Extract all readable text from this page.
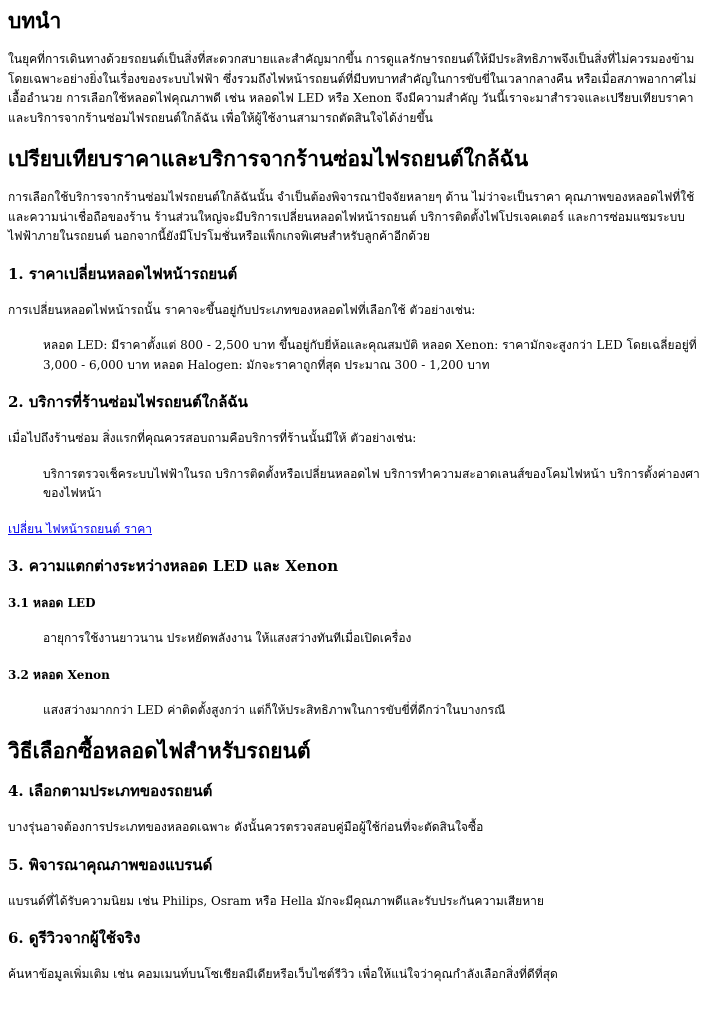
บทนำ

ในยุคที่การเดินทางด้วยรถยนต์เป็นสิ่งที่สะดวกสบายและสำคัญมากขึ้น การดูแลรักษารถยนต์ให้มีประสิทธิภาพจึงเป็นสิ่งที่ไม่ควรมองข้าม โดยเฉพาะอย่างยิ่งในเรื่องของระบบไฟฟ้า ซึ่งรวมถึงไฟหน้ารถยนต์ที่มีบทบาทสำคัญในการขับขี่ในเวลากลางคืน หรือเมื่อสภาพอากาศไม่เอื้ออำนวย การเลือกใช้หลอดไฟคุณภาพดี เช่น หลอดไฟ LED หรือ Xenon จึงมีความสำคัญ วันนี้เราจะมาสำรวจและเปรียบเทียบราคาและบริการจากร้านซ่อมไฟรถยนต์ใกล้ฉัน เพื่อให้ผู้ใช้งานสามารถตัดสินใจได้ง่ายขึ้น

เปรียบเทียบราคาและบริการจากร้านซ่อมไฟรถยนต์ใกล้ฉัน

การเลือกใช้บริการจากร้านซ่อมไฟรถยนต์ใกล้ฉันนั้น จำเป็นต้องพิจารณาปัจจัยหลายๆ ด้าน ไม่ว่าจะเป็นราคา คุณภาพของหลอดไฟที่ใช้ และความน่าเชื่อถือของร้าน ร้านส่วนใหญ่จะมีบริการเปลี่ยนหลอดไฟหน้ารถยนต์ บริการติดตั้งไฟโปรเจคเตอร์ และการซ่อมแซมระบบไฟฟ้าภายในรถยนต์ นอกจากนี้ยังมีโปรโมชั่นหรือแพ็กเกจพิเศษสำหรับลูกค้าอีกด้วย

1. ราคาเปลี่ยนหลอดไฟหน้ารถยนต์

การเปลี่ยนหลอดไฟหน้ารถนั้น ราคาจะขึ้นอยู่กับประเภทของหลอดไฟที่เลือกใช้ ตัวอย่างเช่น:

หลอด LED: มีราคาตั้งแต่ 800 - 2,500 บาท ขึ้นอยู่กับยี่ห้อและคุณสมบัติ หลอด Xenon: ราคามักจะสูงกว่า LED โดยเฉลี่ยอยู่ที่ 3,000 - 6,000 บาท หลอด Halogen: มักจะราคาถูกที่สุด ประมาณ 300 - 1,200 บาท

2. บริการที่ร้านซ่อมไฟรถยนต์ใกล้ฉัน

เมื่อไปถึงร้านซ่อม สิ่งแรกที่คุณควรสอบถามคือบริการที่ร้านนั้นมีให้ ตัวอย่างเช่น:

บริการตรวจเช็คระบบไฟฟ้าในรถ บริการติดตั้งหรือเปลี่ยนหลอดไฟ บริการทำความสะอาดเลนส์ของโคมไฟหน้า บริการตั้งค่าองศาของไฟหน้า

เปลี่ยน ไฟหน้ารถยนต์ ราคา

3. ความแตกต่างระหว่างหลอด LED และ Xenon
3.1 หลอด LED

อายุการใช้งานยาวนาน ประหยัดพลังงาน ให้แสงสว่างทันทีเมื่อเปิดเครื่อง

3.2 หลอด Xenon

แสงสว่างมากกว่า LED ค่าติดตั้งสูงกว่า แต่ก็ให้ประสิทธิภาพในการขับขี่ที่ดีกว่าในบางกรณี

วิธีเลือกซื้อหลอดไฟสำหรับรถยนต์
4. เลือกตามประเภทของรถยนต์

บางรุ่นอาจต้องการประเภทของหลอดเฉพาะ ดังนั้นควรตรวจสอบคู่มือผู้ใช้ก่อนที่จะตัดสินใจซื้อ

5. พิจารณาคุณภาพของแบรนด์

แบรนด์ที่ได้รับความนิยม เช่น Philips, Osram หรือ Hella มักจะมีคุณภาพดีและรับประกันความเสียหาย

6. ดูรีวิวจากผู้ใช้จริง

ค้นหาข้อมูลเพิ่มเติม เช่น คอมเมนท์บนโซเชียลมีเดียหรือเว็บไซต์รีวิว เพื่อให้แน่ใจว่าคุณกำลังเลือกสิ่งที่ดีที่สุด
